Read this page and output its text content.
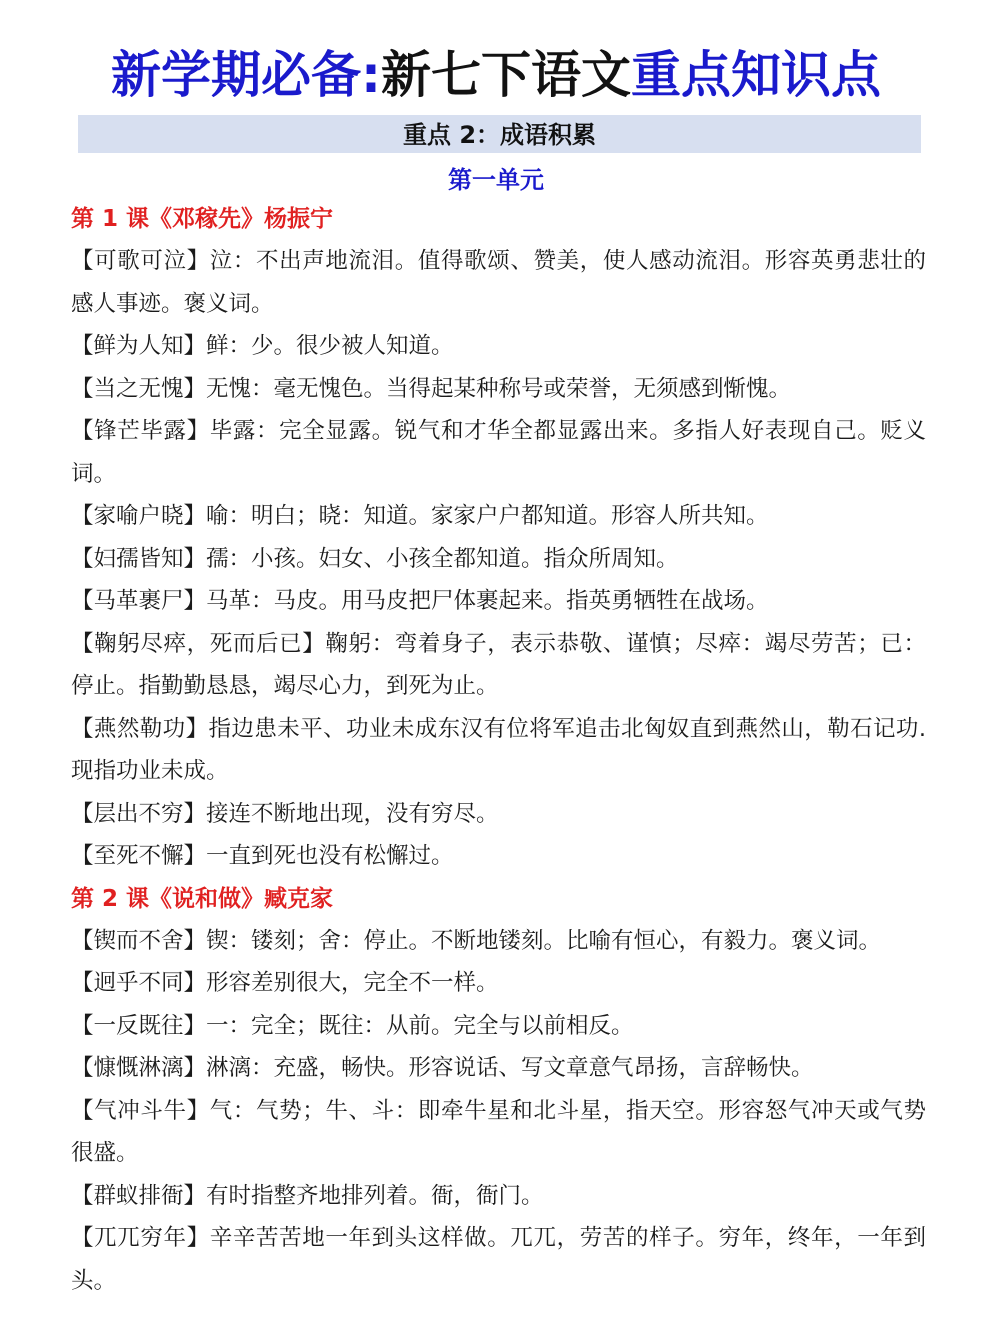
新学期必备:新七下语文重点知识点
重点 2：成语积累
第一单元
第 1 课《邓稼先》杨振宁
【可歌可泣】泣：不出声地流泪。值得歌颂、赞美，使人感动流泪。形容英勇悲壮的感人事迹。褒义词。
【鲜为人知】鲜：少。很少被人知道。
【当之无愧】无愧：毫无愧色。当得起某种称号或荣誉，无须感到惭愧。
【锋芒毕露】毕露：完全显露。锐气和才华全都显露出来。多指人好表现自己。贬义词。
【家喻户晓】喻：明白；晓：知道。家家户户都知道。形容人所共知。
【妇孺皆知】孺：小孩。妇女、小孩全都知道。指众所周知。
【马革裹尸】马革：马皮。用马皮把尸体裹起来。指英勇牺牲在战场。
【鞠躬尽瘁，死而后已】鞠躬：弯着身子，表示恭敬、谨慎；尽瘁：竭尽劳苦；已：停止。指勤勤恳恳，竭尽心力，到死为止。
【燕然勒功】指边患未平、功业未成东汉有位将军追击北匈奴直到燕然山，勒石记功.现指功业未成。
【层出不穷】接连不断地出现，没有穷尽。
【至死不懈】一直到死也没有松懈过。
第 2 课《说和做》臧克家
【锲而不舍】锲：镂刻；舍：停止。不断地镂刻。比喻有恒心，有毅力。褒义词。
【迥乎不同】形容差别很大，完全不一样。
【一反既往】一：完全；既往：从前。完全与以前相反。
【慷慨淋漓】淋漓：充盛，畅快。形容说话、写文章意气昂扬，言辞畅快。
【气冲斗牛】气：气势；牛、斗：即牵牛星和北斗星，指天空。形容怒气冲天或气势很盛。
【群蚁排衙】有时指整齐地排列着。衙，衙门。
【兀兀穷年】辛辛苦苦地一年到头这样做。兀兀，劳苦的样子。穷年，终年，一年到头。
